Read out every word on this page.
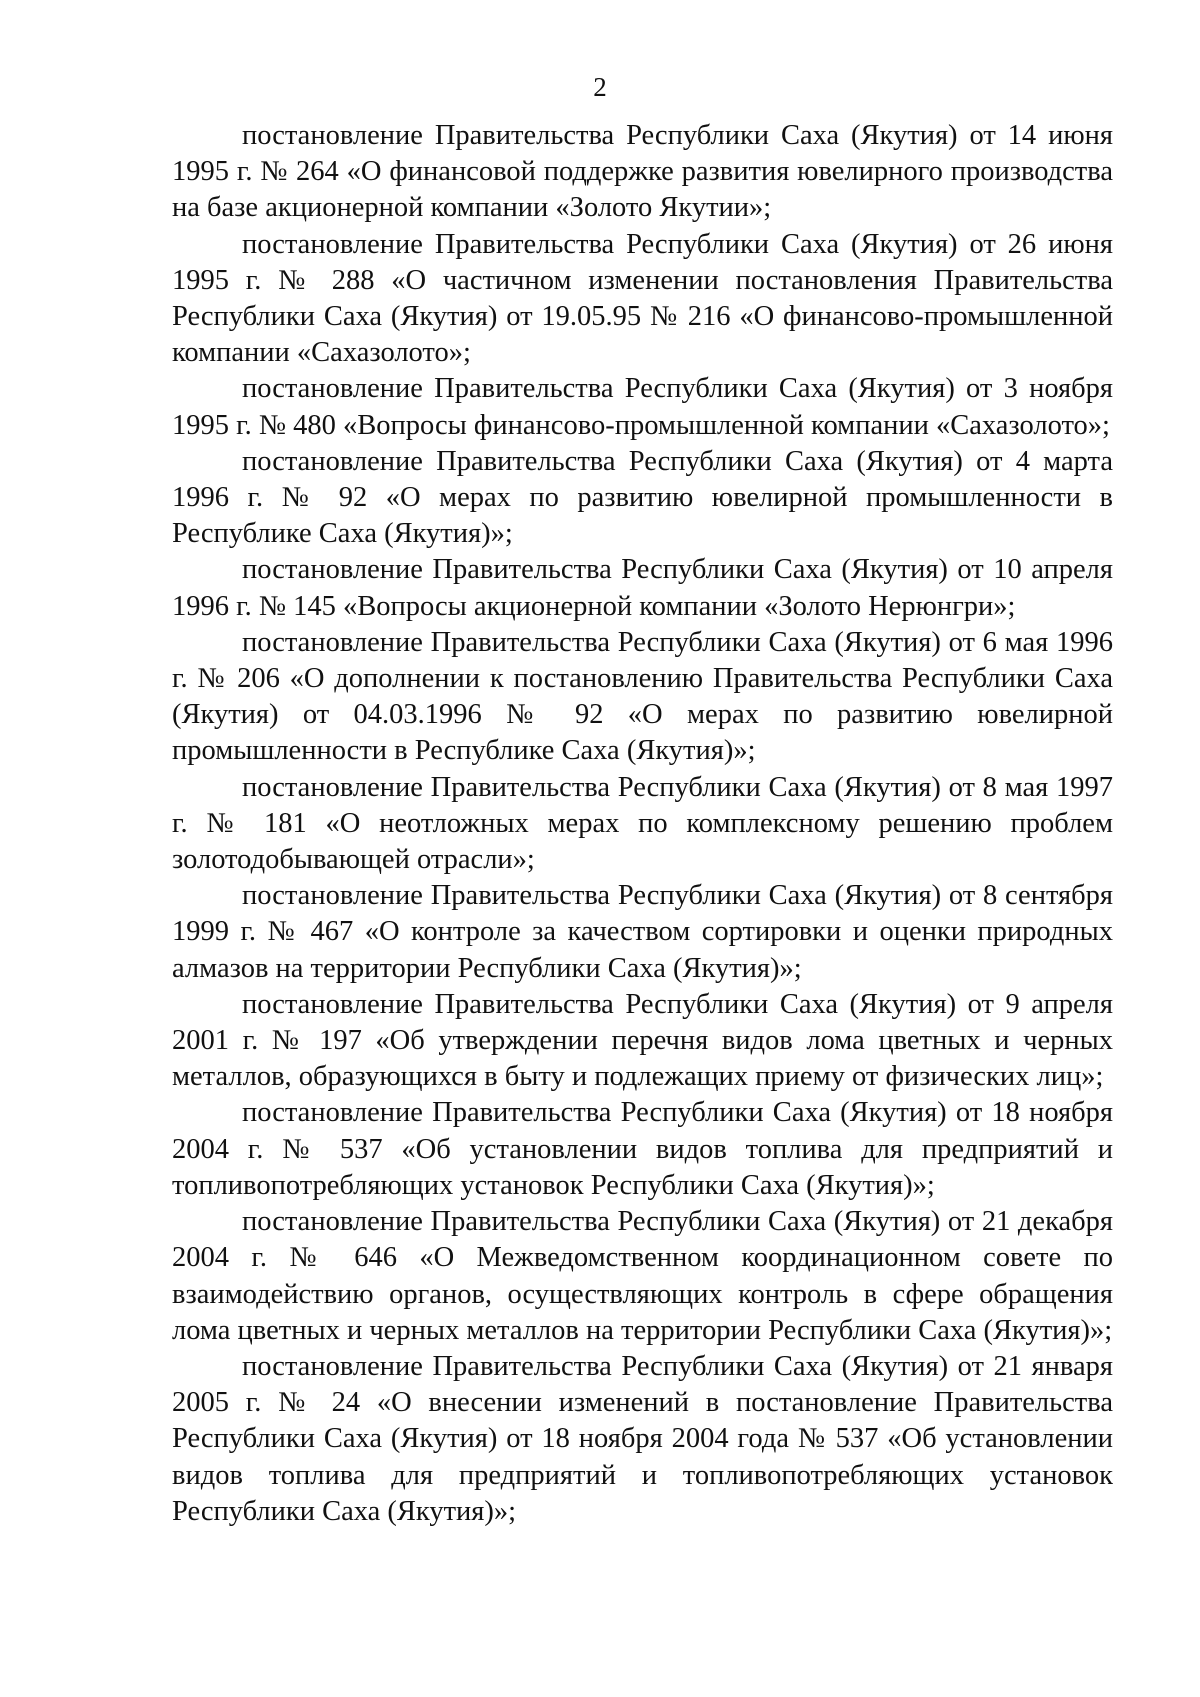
2

постановление Правительства Республики Саха (Якутия) от 14 июня 1995 г. № 264 «О финансовой поддержке развития ювелирного производства на базе акционерной компании «Золото Якутии»;

постановление Правительства Республики Саха (Якутия) от 26 июня 1995 г. № 288 «О частичном изменении постановления Правительства Республики Саха (Якутия) от 19.05.95 № 216 «О финансово-промышленной компании «Сахазолото»;

постановление Правительства Республики Саха (Якутия) от 3 ноября 1995 г. № 480 «Вопросы финансово-промышленной компании «Сахазолото»;

постановление Правительства Республики Саха (Якутия) от 4 марта 1996 г. № 92 «О мерах по развитию ювелирной промышленности в Республике Саха (Якутия)»;

постановление Правительства Республики Саха (Якутия) от 10 апреля 1996 г. № 145 «Вопросы акционерной компании «Золото Нерюнгри»;

постановление Правительства Республики Саха (Якутия) от 6 мая 1996 г. № 206 «О дополнении к постановлению Правительства Республики Саха (Якутия) от 04.03.1996 № 92 «О мерах по развитию ювелирной промышленности в Республике Саха (Якутия)»;

постановление Правительства Республики Саха (Якутия) от 8 мая 1997 г. № 181 «О неотложных мерах по комплексному решению проблем золотодобывающей отрасли»;

постановление Правительства Республики Саха (Якутия) от 8 сентября 1999 г. № 467 «О контроле за качеством сортировки и оценки природных алмазов на территории Республики Саха (Якутия)»;

постановление Правительства Республики Саха (Якутия) от 9 апреля 2001 г. № 197 «Об утверждении перечня видов лома цветных и черных металлов, образующихся в быту и подлежащих приему от физических лиц»;

постановление Правительства Республики Саха (Якутия) от 18 ноября 2004 г. № 537 «Об установлении видов топлива для предприятий и топливопотребляющих установок Республики Саха (Якутия)»;

постановление Правительства Республики Саха (Якутия) от 21 декабря 2004 г. № 646 «О Межведомственном координационном совете по взаимодействию органов, осуществляющих контроль в сфере обращения лома цветных и черных металлов на территории Республики Саха (Якутия)»;

постановление Правительства Республики Саха (Якутия) от 21 января 2005 г. № 24 «О внесении изменений в постановление Правительства Республики Саха (Якутия) от 18 ноября 2004 года № 537 «Об установлении видов топлива для предприятий и топливопотребляющих установок Республики Саха (Якутия)»;
